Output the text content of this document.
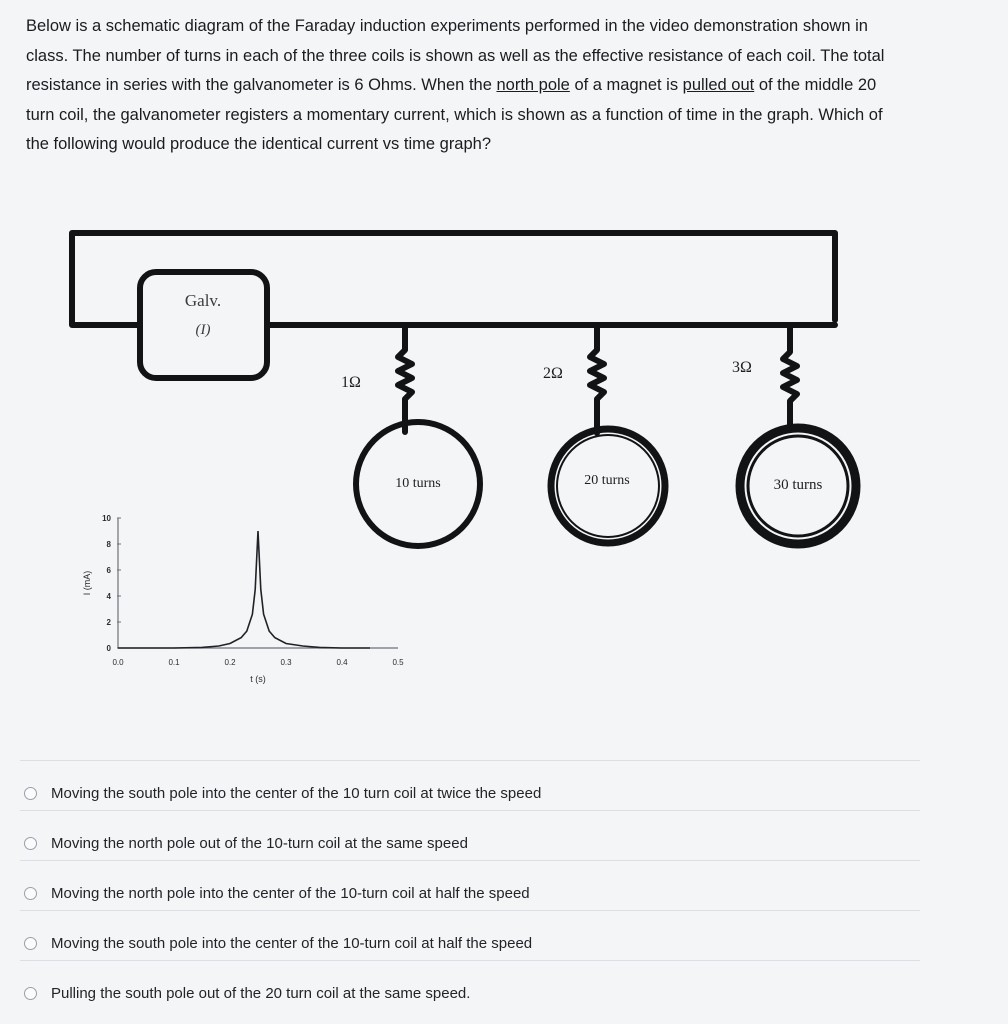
Below is a schematic diagram of the Faraday induction experiments performed in the video demonstration shown in class. The number of turns in each of the three coils is shown as well as the effective resistance of each coil. The total resistance in series with the galvanometer is 6 Ohms. When the north pole of a magnet is pulled out of the middle 20 turn coil, the galvanometer registers a momentary current, which is shown as a function of time in the graph. Which of the following would produce the identical current vs time graph?
Galv.
(I)
1Ω
2Ω	3Ω
10 turns	20 turns	30 turns
0
2
4
6
8
10
0.0	0.1	0.2	0.3	0.4	0.5
I (mA)
t (s)
Moving the south pole into the center of the 10 turn coil at twice the speed
Moving the north pole out of the 10-turn coil at the same speed
Moving the north pole into the center of the 10-turn coil at half the speed
Moving the south pole into the center of the 10-turn coil at half the speed
Pulling the south pole out of the 20 turn coil at the same speed.
